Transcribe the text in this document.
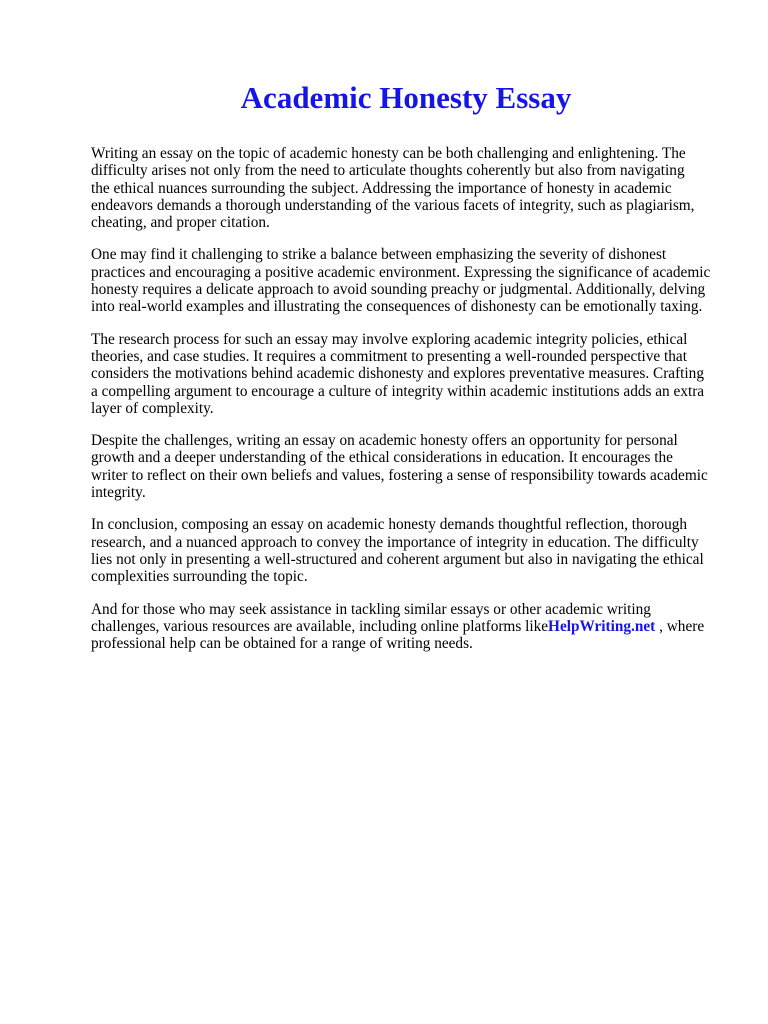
Academic Honesty Essay
Writing an essay on the topic of academic honesty can be both challenging and enlightening. The
difficulty arises not only from the need to articulate thoughts coherently but also from navigating
the ethical nuances surrounding the subject. Addressing the importance of honesty in academic
endeavors demands a thorough understanding of the various facets of integrity, such as plagiarism,
cheating, and proper citation.
One may find it challenging to strike a balance between emphasizing the severity of dishonest
practices and encouraging a positive academic environment. Expressing the significance of academic
honesty requires a delicate approach to avoid sounding preachy or judgmental. Additionally, delving
into real-world examples and illustrating the consequences of dishonesty can be emotionally taxing.
The research process for such an essay may involve exploring academic integrity policies, ethical
theories, and case studies. It requires a commitment to presenting a well-rounded perspective that
considers the motivations behind academic dishonesty and explores preventative measures. Crafting
a compelling argument to encourage a culture of integrity within academic institutions adds an extra
layer of complexity.
Despite the challenges, writing an essay on academic honesty offers an opportunity for personal
growth and a deeper understanding of the ethical considerations in education. It encourages the
writer to reflect on their own beliefs and values, fostering a sense of responsibility towards academic
integrity.
In conclusion, composing an essay on academic honesty demands thoughtful reflection, thorough
research, and a nuanced approach to convey the importance of integrity in education. The difficulty
lies not only in presenting a well-structured and coherent argument but also in navigating the ethical
complexities surrounding the topic.
And for those who may seek assistance in tackling similar essays or other academic writing
challenges, various resources are available, including online platforms likeHelpWriting.net , where
professional help can be obtained for a range of writing needs.
